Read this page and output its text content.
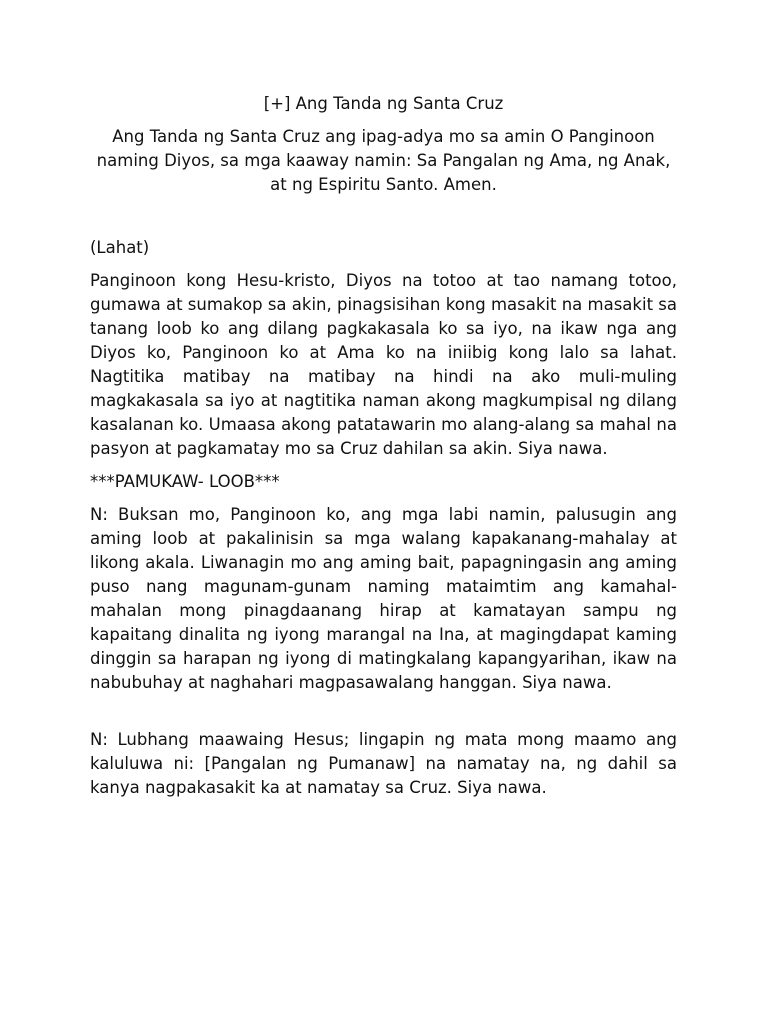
[+] Ang Tanda ng Santa Cruz

Ang Tanda ng Santa Cruz ang ipag-adya mo sa amin O Panginoon naming Diyos, sa mga kaaway namin: Sa Pangalan ng Ama, ng Anak, at ng Espiritu Santo. Amen.

(Lahat)

Panginoon kong Hesu-kristo, Diyos na totoo at tao namang totoo, gumawa at sumakop sa akin, pinagsisihan kong masakit na masakit sa tanang loob ko ang dilang pagkakasala ko sa iyo, na ikaw nga ang Diyos ko, Panginoon ko at Ama ko na iniibig kong lalo sa lahat. Nagtitika matibay na matibay na hindi na ako muli-muling magkakasala sa iyo at nagtitika naman akong magkumpisal ng dilang kasalanan ko. Umaasa akong patatawarin mo alang-alang sa mahal na pasyon at pagkamatay mo sa Cruz dahilan sa akin. Siya nawa.

***PAMUKAW- LOOB***

N: Buksan mo, Panginoon ko, ang mga labi namin, palusugin ang aming loob at pakalinisin sa mga walang kapakanang-mahalay at likong akala. Liwanagin mo ang aming bait, papagningasin ang aming puso nang magunam-gunam naming mataimtim ang kamahal-mahalan mong pinagdaanang hirap at kamatayan sampu ng kapaitang dinalita ng iyong marangal na Ina, at magingdapat kaming dinggin sa harapan ng iyong di matingkalang kapangyarihan, ikaw na nabubuhay at naghahari magpasawalang hanggan. Siya nawa.

N: Lubhang maawaing Hesus; lingapin ng mata mong maamo ang kaluluwa ni: [Pangalan ng Pumanaw] na namatay na, ng dahil sa kanya nagpakasakit ka at namatay sa Cruz. Siya nawa.
